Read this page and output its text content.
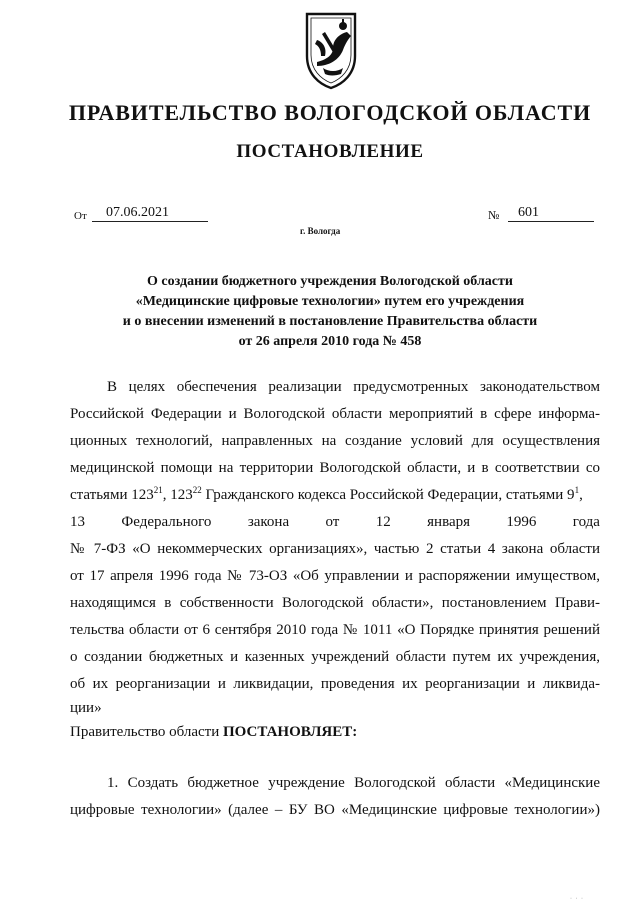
ПРАВИТЕЛЬСТВО ВОЛОГОДСКОЙ ОБЛАСТИ
ПОСТАНОВЛЕНИЕ
От	07.06.2021	№	601
г. Вологда
О создании бюджетного учреждения Вологодской области
«Медицинские цифровые технологии» путем его учреждения
и о внесении изменений в постановление Правительства области
от 26 апреля 2010 года № 458
В целях обеспечения реализации предусмотренных законодательством
Российской Федерации и Вологодской области мероприятий в сфере информа-
ционных технологий, направленных на создание условий для осуществления
медицинской помощи на территории Вологодской области, и в соответствии со
статьями $123^{21}$, $123^{22}$ Гражданского кодекса Российской Федерации, статьями $9^1$,
13 Федерального закона от 12 января 1996 года
№ 7-ФЗ «О некоммерческих организациях», частью 2 статьи 4 закона области
от 17 апреля 1996 года № 73-ОЗ «Об управлении и распоряжении имуществом,
находящимся в собственности Вологодской области», постановлением Прави-
тельства области от 6 сентября 2010 года № 1011 «О Порядке принятия решений
о создании бюджетных и казенных учреждений области путем их учреждения,
об их реорганизации и ликвидации, проведения их реорганизации и ликвида-
ции»
Правительство области ПОСТАНОВЛЯЕТ:
1. Создать бюджетное учреждение Вологодской области «Медицинские
цифровые технологии» (далее – БУ ВО «Медицинские цифровые технологии»)
· · ·
